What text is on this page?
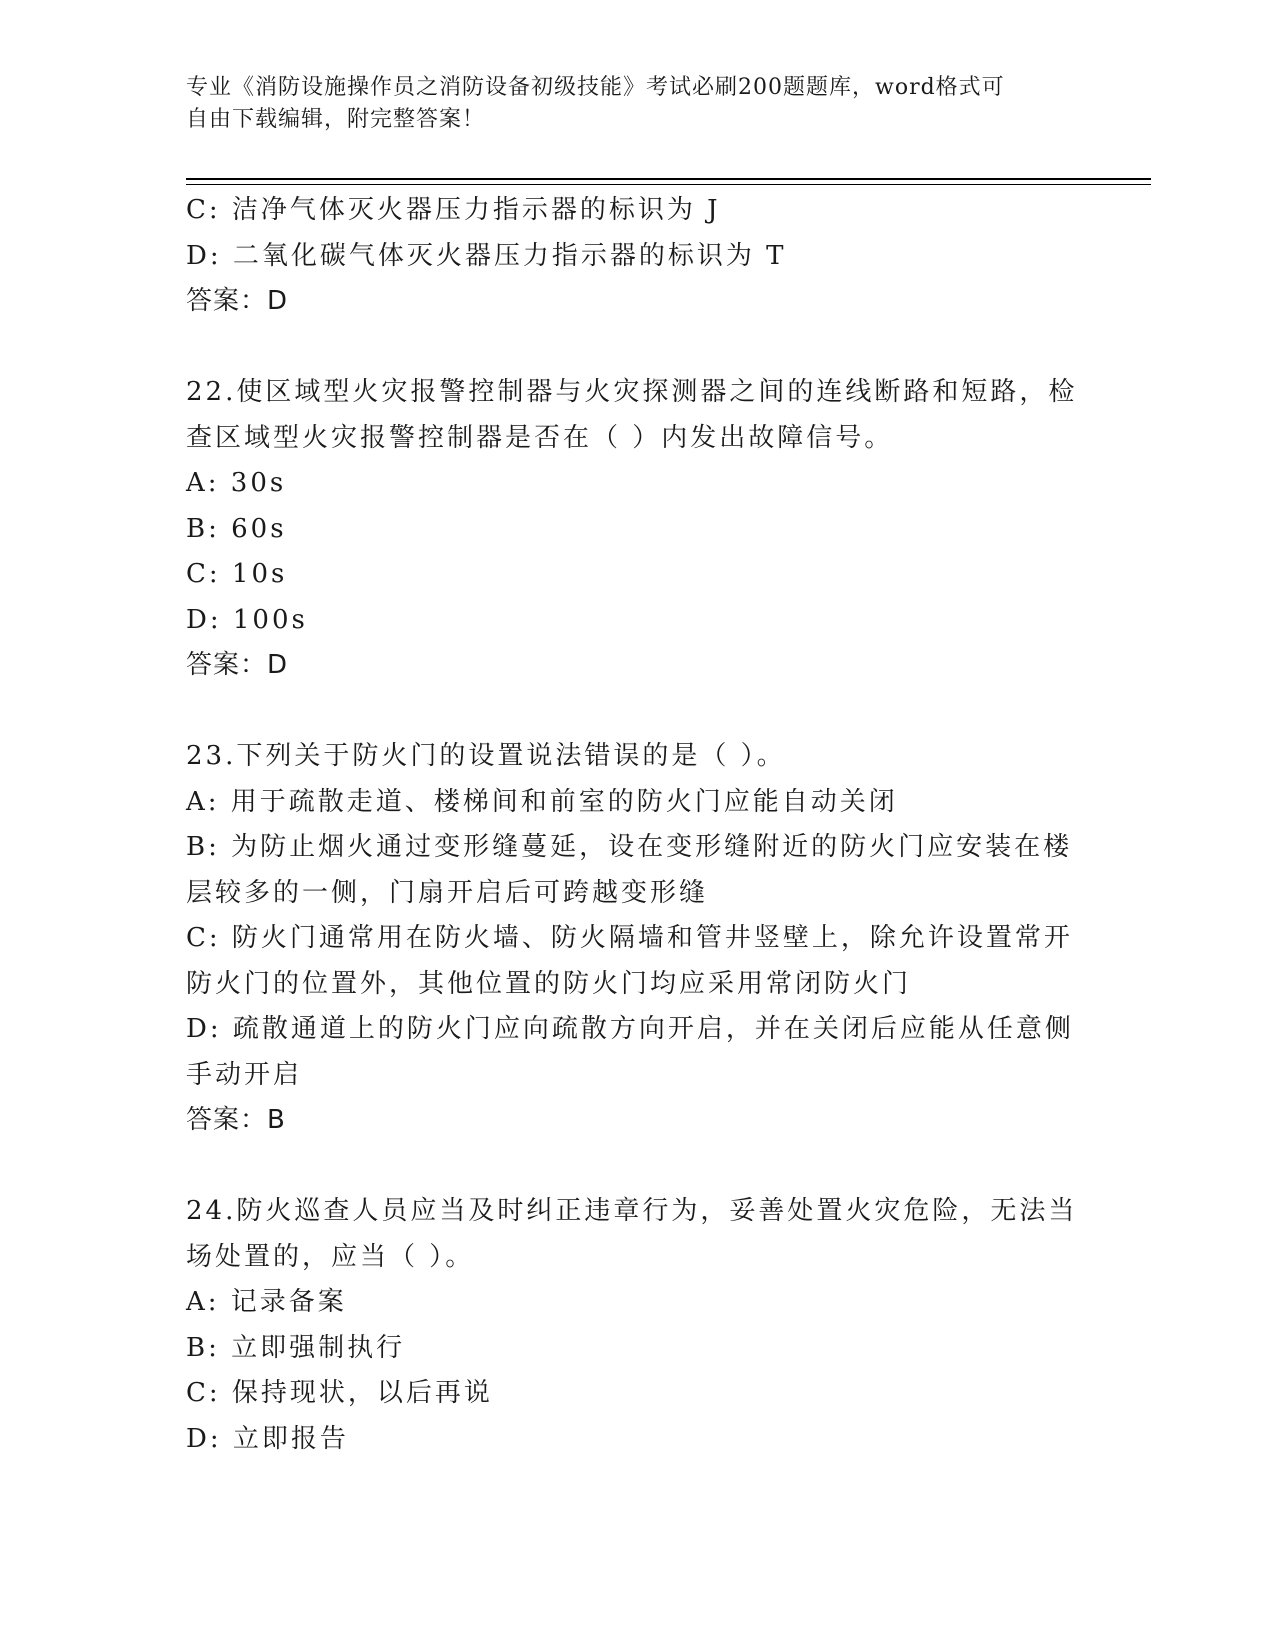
专业《消防设施操作员之消防设备初级技能》考试必刷200题题库，word格式可
自由下载编辑，附完整答案！

C: 洁净气体灭火器压力指示器的标识为 J

D: 二氧化碳气体灭火器压力指示器的标识为 T

答案：D

22.使区域型火灾报警控制器与火灾探测器之间的连线断路和短路，检

查区域型火灾报警控制器是否在（ ）内发出故障信号。

A: 30s

B: 60s

C: 10s

D: 100s

答案：D

23.下列关于防火门的设置说法错误的是（ ）。

A: 用于疏散走道、楼梯间和前室的防火门应能自动关闭

B: 为防止烟火通过变形缝蔓延，设在变形缝附近的防火门应安装在楼

层较多的一侧，门扇开启后可跨越变形缝

C: 防火门通常用在防火墙、防火隔墙和管井竖壁上，除允许设置常开

防火门的位置外，其他位置的防火门均应采用常闭防火门

D: 疏散通道上的防火门应向疏散方向开启，并在关闭后应能从任意侧

手动开启

答案：B

24.防火巡查人员应当及时纠正违章行为，妥善处置火灾危险，无法当

场处置的，应当（ ）。

A: 记录备案

B: 立即强制执行

C: 保持现状，以后再说

D: 立即报告
